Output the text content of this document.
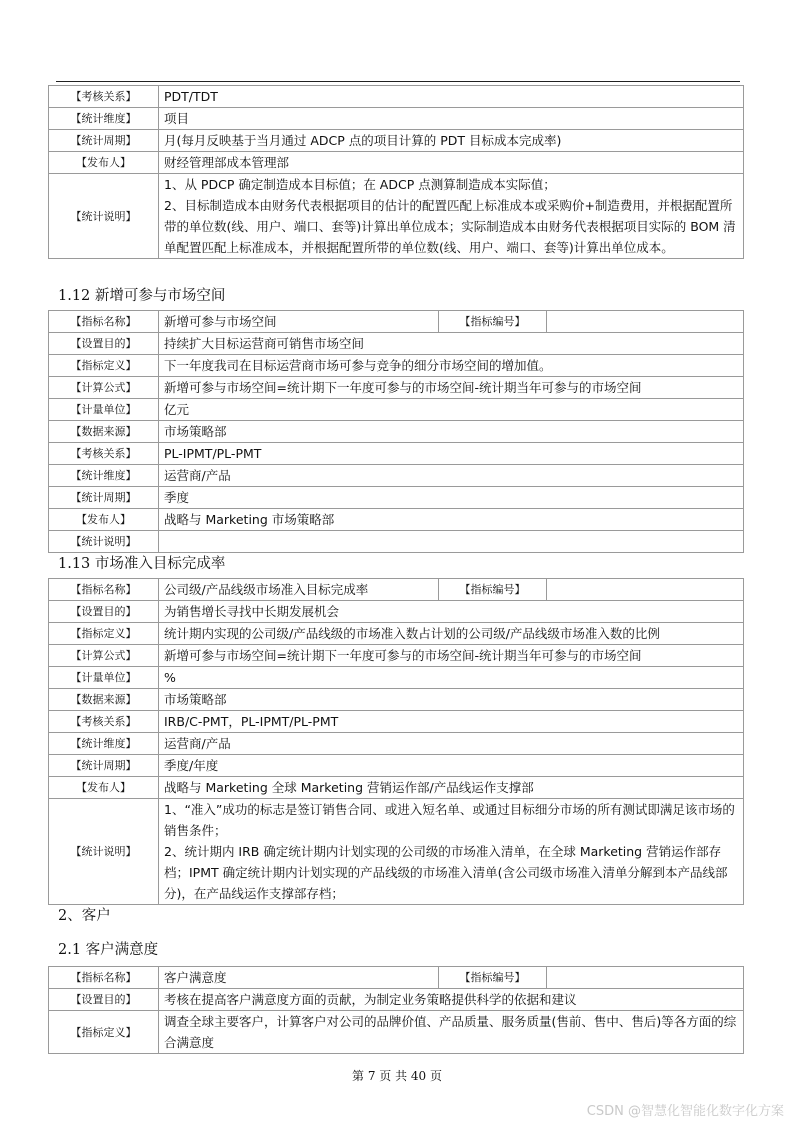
【考核关系】	PDT/TDT
【统计维度】	项目
【统计周期】	月(每月反映基于当月通过 ADCP 点的项目计算的 PDT 目标成本完成率)
【发布人】	财经管理部成本管理部
【统计说明】	1、从 PDCP 确定制造成本目标值；在 ADCP 点测算制造成本实际值；
2、目标制造成本由财务代表根据项目的估计的配置匹配上标准成本或采购价+制造费用，并根据配置所带的单位数(线、用户、端口、套等)计算出单位成本；实际制造成本由财务代表根据项目实际的 BOM 清单配置匹配上标准成本，并根据配置所带的单位数(线、用户、端口、套等)计算出单位成本。
1.12 新增可参与市场空间
【指标名称】	新增可参与市场空间	【指标编号】	
【设置目的】	持续扩大目标运营商可销售市场空间		
【指标定义】	下一年度我司在目标运营商市场可参与竞争的细分市场空间的增加值。		
【计算公式】	新增可参与市场空间=统计期下一年度可参与的市场空间-统计期当年可参与的市场空间		
【计量单位】	亿元		
【数据来源】	市场策略部		
【考核关系】	PL-IPMT/PL-PMT		
【统计维度】	运营商/产品		
【统计周期】	季度		
【发布人】	战略与 Marketing 市场策略部		
【统计说明】			
1.13 市场准入目标完成率
【指标名称】	公司级/产品线级市场准入目标完成率	【指标编号】	
【设置目的】	为销售增长寻找中长期发展机会		
【指标定义】	统计期内实现的公司级/产品线级的市场准入数占计划的公司级/产品线级市场准入数的比例		
【计算公式】	新增可参与市场空间=统计期下一年度可参与的市场空间-统计期当年可参与的市场空间		
【计量单位】	%		
【数据来源】	市场策略部		
【考核关系】	IRB/C-PMT，PL-IPMT/PL-PMT		
【统计维度】	运营商/产品		
【统计周期】	季度/年度		
【发布人】	战略与 Marketing 全球 Marketing 营销运作部/产品线运作支撑部		
【统计说明】	1、“准入”成功的标志是签订销售合同、或进入短名单、或通过目标细分市场的所有测试即满足该市场的销售条件；
2、统计期内 IRB 确定统计期内计划实现的公司级的市场准入清单，在全球 Marketing 营销运作部存档；IPMT 确定统计期内计划实现的产品线级的市场准入清单(含公司级市场准入清单分解到本产品线部分)，在产品线运作支撑部存档；		
2、客户
2.1 客户满意度
【指标名称】	客户满意度	【指标编号】	
【设置目的】	考核在提高客户满意度方面的贡献，为制定业务策略提供科学的依据和建议		
【指标定义】	调查全球主要客户，计算客户对公司的品牌价值、产品质量、服务质量(售前、售中、售后)等各方面的综合满意度		
第 7 页 共 40 页
CSDN @智慧化智能化数字化方案
